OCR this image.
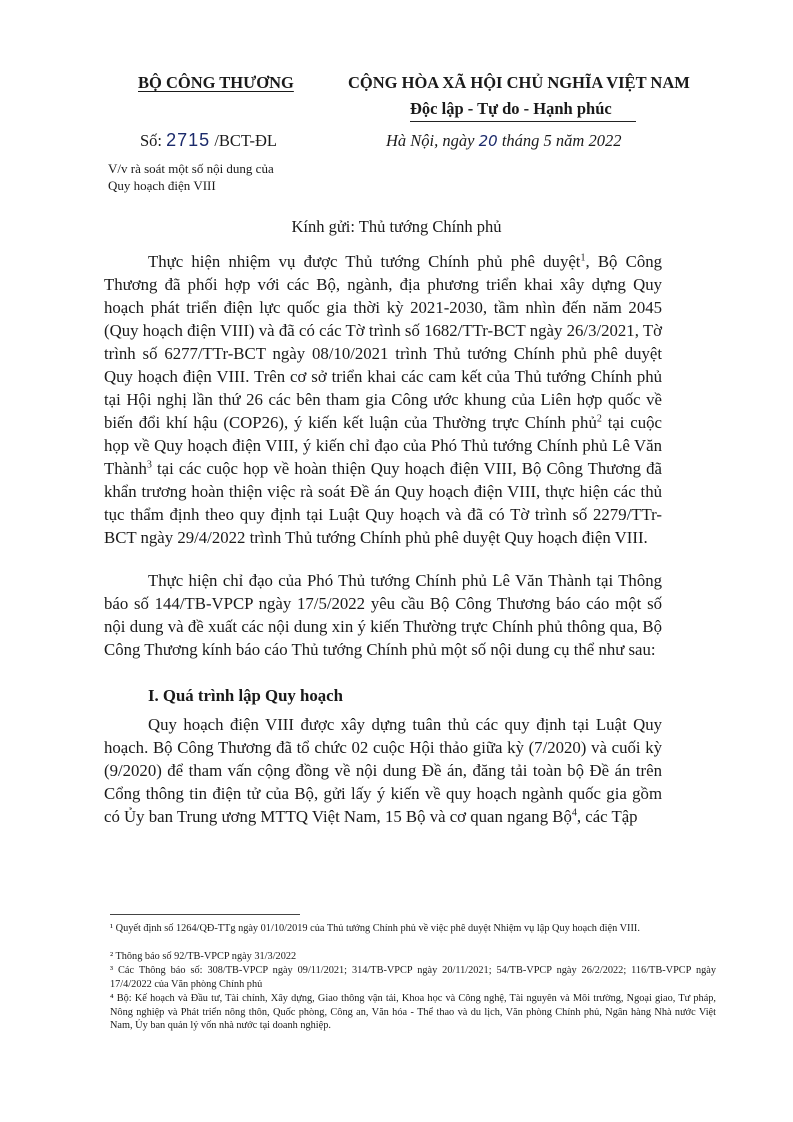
BỘ CÔNG THƯƠNG	CỘNG HÒA XÃ HỘI CHỦ NGHĨA VIỆT NAM
Độc lập - Tự do - Hạnh phúc
Số: 2715 /BCT-ĐL	Hà Nội, ngày 20 tháng 5 năm 2022
V/v rà soát một số nội dung của
Quy hoạch điện VIII
Kính gửi: Thủ tướng Chính phủ

Thực hiện nhiệm vụ được Thủ tướng Chính phủ phê duyệt$^1$, Bộ Công Thương đã phối hợp với các Bộ, ngành, địa phương triển khai xây dựng Quy hoạch phát triển điện lực quốc gia thời kỳ 2021-2030, tầm nhìn đến năm 2045 (Quy hoạch điện VIII) và đã có các Tờ trình số 1682/TTr-BCT ngày 26/3/2021, Tờ trình số 6277/TTr-BCT ngày 08/10/2021 trình Thủ tướng Chính phủ phê duyệt Quy hoạch điện VIII. Trên cơ sở triển khai các cam kết của Thủ tướng Chính phủ tại Hội nghị lần thứ 26 các bên tham gia Công ước khung của Liên hợp quốc về biến đổi khí hậu (COP26), ý kiến kết luận của Thường trực Chính phủ$^2$ tại cuộc họp về Quy hoạch điện VIII, ý kiến chỉ đạo của Phó Thủ tướng Chính phủ Lê Văn Thành$^3$ tại các cuộc họp về hoàn thiện Quy hoạch điện VIII, Bộ Công Thương đã khẩn trương hoàn thiện việc rà soát Đề án Quy hoạch điện VIII, thực hiện các thủ tục thẩm định theo quy định tại Luật Quy hoạch và đã có Tờ trình số 2279/TTr-BCT ngày 29/4/2022 trình Thủ tướng Chính phủ phê duyệt Quy hoạch điện VIII.

Thực hiện chỉ đạo của Phó Thủ tướng Chính phủ Lê Văn Thành tại Thông báo số 144/TB-VPCP ngày 17/5/2022 yêu cầu Bộ Công Thương báo cáo một số nội dung và đề xuất các nội dung xin ý kiến Thường trực Chính phủ thông qua, Bộ Công Thương kính báo cáo Thủ tướng Chính phủ một số nội dung cụ thể như sau:

I. Quá trình lập Quy hoạch

Quy hoạch điện VIII được xây dựng tuân thủ các quy định tại Luật Quy hoạch. Bộ Công Thương đã tổ chức 02 cuộc Hội thảo giữa kỳ (7/2020) và cuối kỳ (9/2020) để tham vấn cộng đồng về nội dung Đề án, đăng tải toàn bộ Đề án trên Cổng thông tin điện tử của Bộ, gửi lấy ý kiến về quy hoạch ngành quốc gia gồm có Ủy ban Trung ương MTTQ Việt Nam, 15 Bộ và cơ quan ngang Bộ$^4$, các Tập

¹ Quyết định số 1264/QĐ-TTg ngày 01/10/2019 của Thủ tướng Chính phủ về việc phê duyệt Nhiệm vụ lập Quy hoạch điện VIII.

² Thông báo số 92/TB-VPCP ngày 31/3/2022

³ Các Thông báo số: 308/TB-VPCP ngày 09/11/2021; 314/TB-VPCP ngày 20/11/2021; 54/TB-VPCP ngày 26/2/2022; 116/TB-VPCP ngày 17/4/2022 của Văn phòng Chính phủ

⁴ Bộ: Kế hoạch và Đầu tư, Tài chính, Xây dựng, Giao thông vận tải, Khoa học và Công nghệ, Tài nguyên và Môi trường, Ngoại giao, Tư pháp, Nông nghiệp và Phát triển nông thôn, Quốc phòng, Công an, Văn hóa - Thể thao và du lịch, Văn phòng Chính phủ, Ngân hàng Nhà nước Việt Nam, Ủy ban quản lý vốn nhà nước tại doanh nghiệp.
